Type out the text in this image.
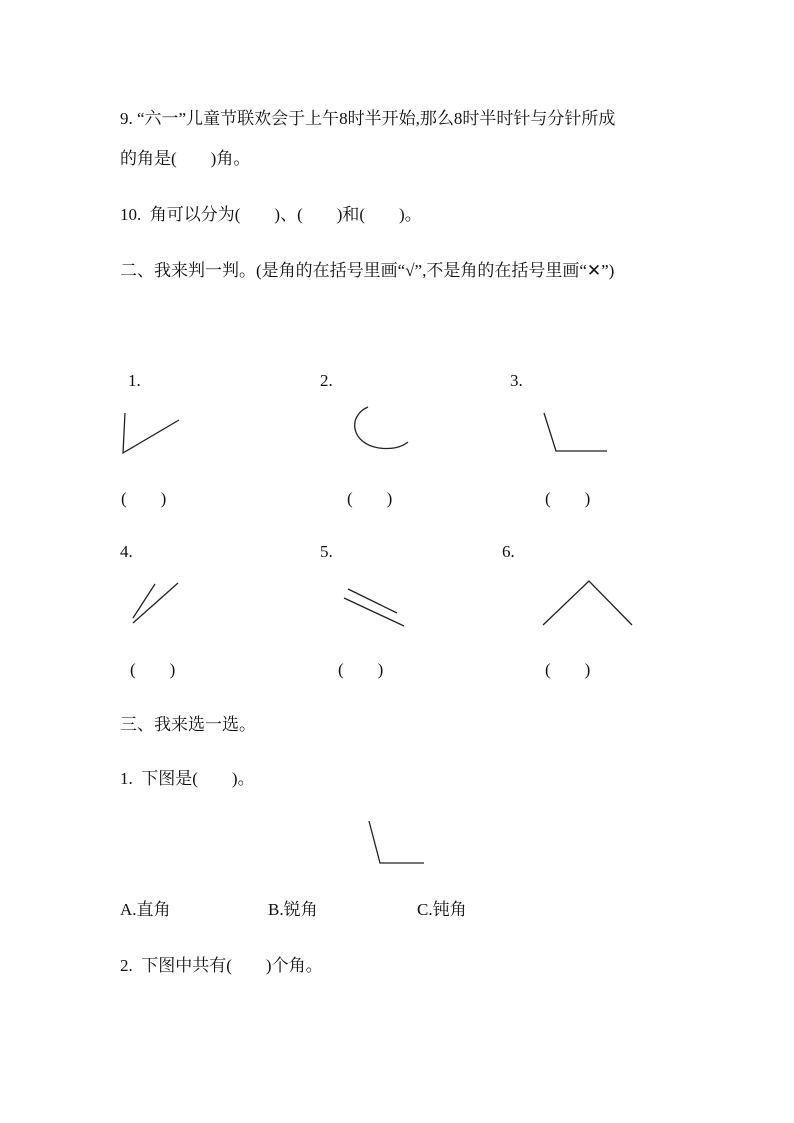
9. “六一”儿童节联欢会于上午8时半开始,那么8时半时针与分针所成
的角是(　　)角。
10.  角可以分为(　　)、(　　)和(　　)。
二、我来判一判。(是角的在括号里画“√”,不是角的在括号里画“✕”)
1.	2.	3.
(　　)	(　　)	(　　)
4.	5.	6.
(　　)	(　　)	(　　)
三、我来选一选。
1.  下图是(　　)。
A.直角	B.锐角	C.钝角
2.  下图中共有(　　)个角。
